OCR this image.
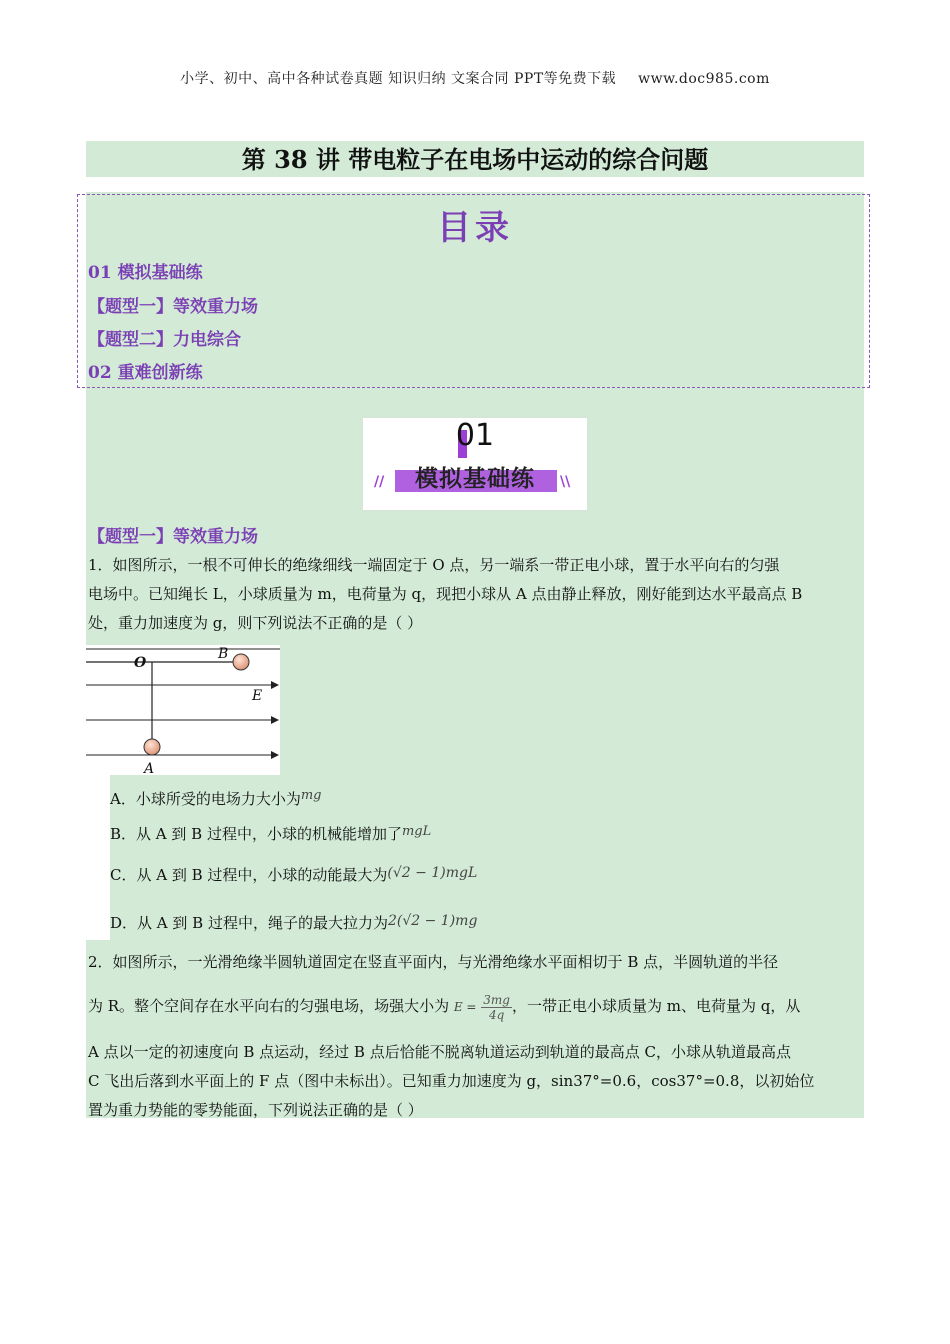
小学、初中、高中各种试卷真题 知识归纳 文案合同 PPT等免费下载 www.doc985.com
第 38 讲 带电粒子在电场中运动的综合问题
目录
01 模拟基础练
【题型一】等效重力场
【题型二】力电综合
02 重难创新练
01
模拟基础练
//	\\
【题型一】等效重力场
1．如图所示，一根不可伸长的绝缘细线一端固定于 O 点，另一端系一带正电小球，置于水平向右的匀强
电场中。已知绳长 L，小球质量为 m，电荷量为 q，现把小球从 A 点由静止释放，刚好能到达水平最高点 B
处，重力加速度为 g，则下列说法不正确的是（ ）
O
B
E
A
A．小球所受的电场力大小为mg
B．从 A 到 B 过程中，小球的机械能增加了mgL
C．从 A 到 B 过程中，小球的动能最大为(√2 − 1)mgL
D．从 A 到 B 过程中，绳子的最大拉力为2(√2 − 1)mg
2．如图所示，一光滑绝缘半圆轨道固定在竖直平面内，与光滑绝缘水平面相切于 B 点，半圆轨道的半径
为 R。整个空间存在水平向右的匀强电场，场强大小为 $E = \frac{3mg}{4q}$ ，一带正电小球质量为 m、电荷量为 q，从
A 点以一定的初速度向 B 点运动，经过 B 点后恰能不脱离轨道运动到轨道的最高点 C，小球从轨道最高点
C 飞出后落到水平面上的 F 点（图中未标出）。已知重力加速度为 g，sin37°=0.6，cos37°=0.8，以初始位
置为重力势能的零势能面，下列说法正确的是（ ）
